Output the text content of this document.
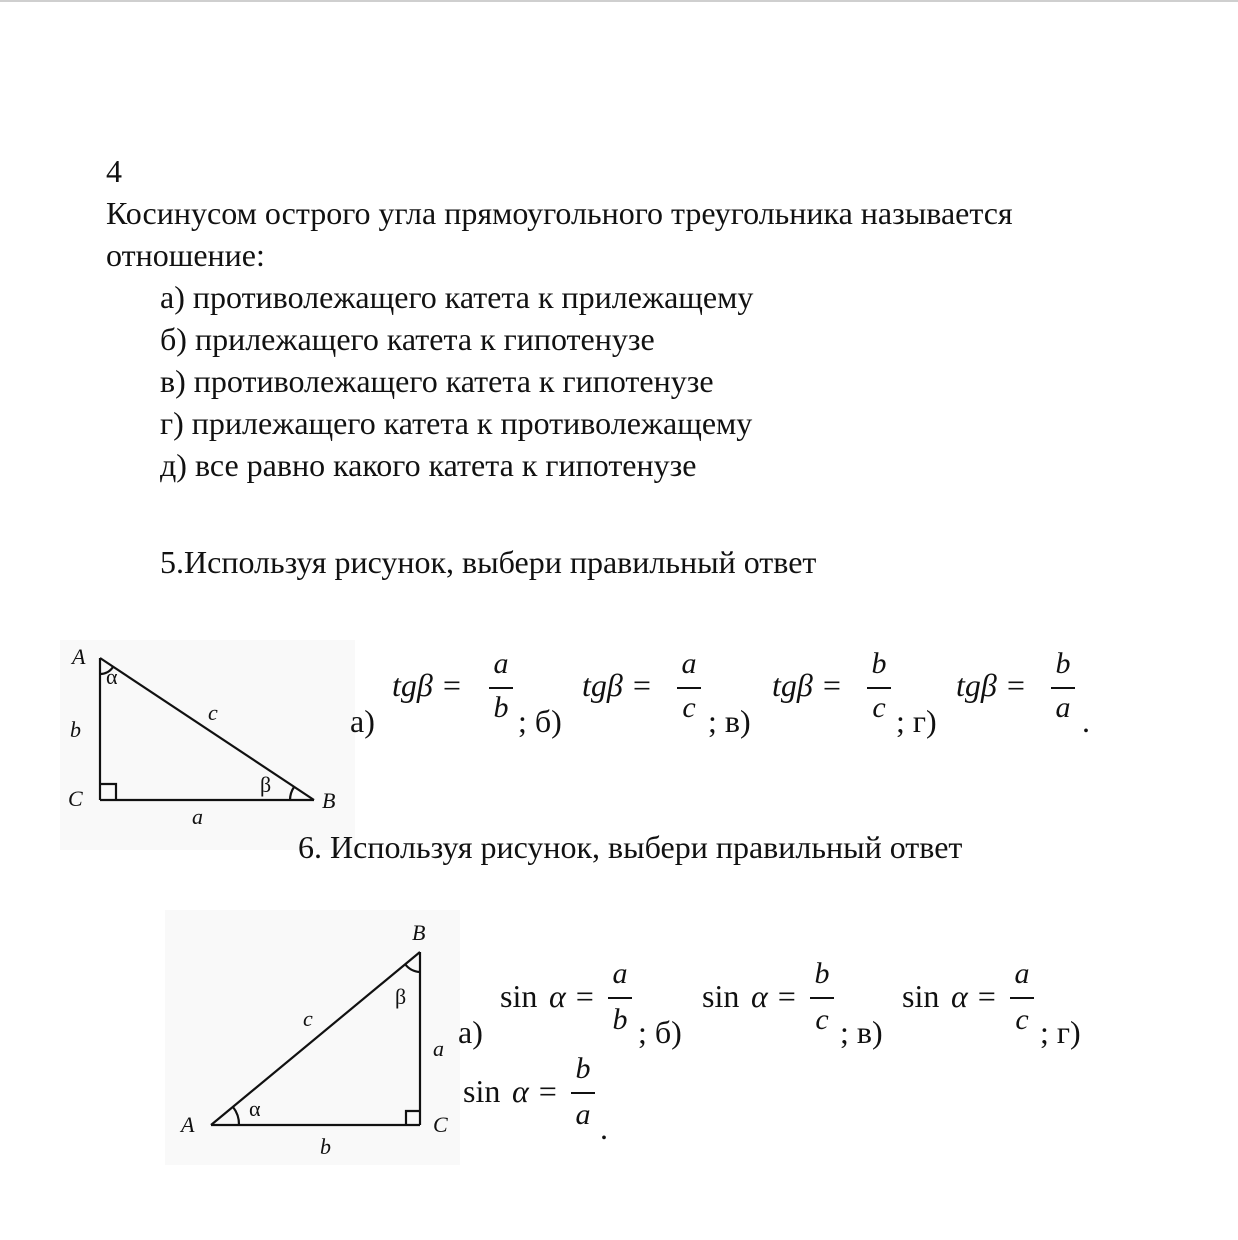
4
Косинусом острого угла прямоугольного треугольника называется
отношение:
а) противолежащего катета к прилежащему
б) прилежащего катета к гипотенузе
в) противолежащего катета к гипотенузе
г) прилежащего катета к противолежащему
д) все равно какого катета к гипотенузе
5.Используя рисунок, выбери правильный ответ
A
C	B
b
c
a
α
β
а)
tgβ =
a
b ; б)
tgβ =
a
c ; в)
tgβ =
b
c ; г)
tgβ =
b
a .
6. Используя рисунок, выбери правильный ответ
B
A	C
c
a
b
α
β
а)
sin α =
a
b ; б)
sin α =
b
c ; в)
sin α =
a
c ; г)
sin α =
b
a .
